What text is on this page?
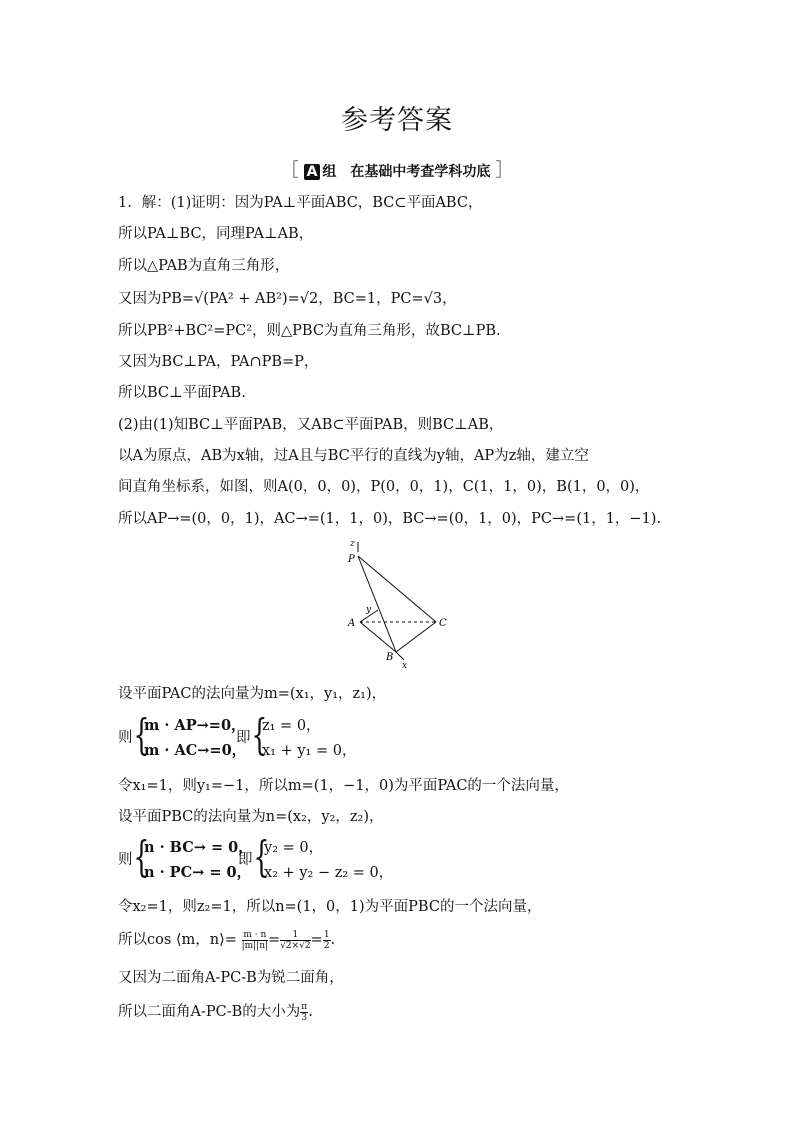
参考答案
［ A 组　在基础中考查学科功底 ］
1．解：(1)证明：因为PA⊥平面ABC，BC⊂平面ABC，
所以PA⊥BC，同理PA⊥AB，
所以△PAB为直角三角形，
又因为PB=√(PA² + AB²)=√2，BC=1，PC=√3，
所以PB²+BC²=PC²，则△PBC为直角三角形，故BC⊥PB.
又因为BC⊥PA，PA∩PB=P，
所以BC⊥平面PAB.
(2)由(1)知BC⊥平面PAB，又AB⊂平面PAB，则BC⊥AB，
以A为原点，AB为x轴，过A且与BC平行的直线为y轴，AP为z轴，建立空
间直角坐标系，如图，则A(0，0，0)，P(0，0，1)，C(1，1，0)，B(1，0，0)，
所以AP→=(0，0，1)，AC→=(1，1，0)，BC→=(0，1，0)，PC→=(1，1，−1).
z
y
x
P
A	C
B
设平面PAC的法向量为m=(x₁，y₁，z₁)，
则 {
m · AP→=0，
m · AC→=0，
即 {
z₁ = 0，
x₁ + y₁ = 0，
令x₁=1，则y₁=−1，所以m=(1，−1，0)为平面PAC的一个法向量，
设平面PBC的法向量为n=(x₂，y₂，z₂)，
则 {
n · BC→ = 0，
n · PC→ = 0，
即 {
y₂ = 0，
x₂ + y₂ − z₂ = 0，
令x₂=1，则z₂=1，所以n=(1，0，1)为平面PBC的一个法向量，
所以cos ⟨m，n⟩= $\frac{m \cdot n}{|m||n|} = \frac{1}{√2\times√2} = \frac{1}{2}$ .
又因为二面角A-PC-B为锐二面角，
所以二面角A-PC-B的大小为 $\frac{\pi}{3}$ .
